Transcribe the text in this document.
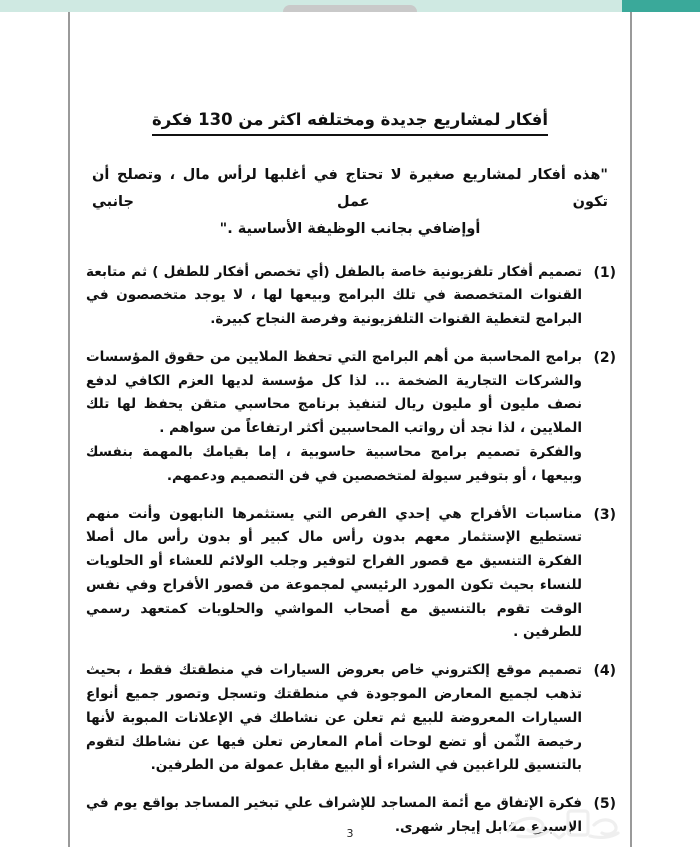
أفكار لمشاريع جديدة ومختلفه اكثر من 130 فكرة
"هذه أفكار لمشاريع صغيرة لا تحتاج في أغلبها لرأس مال ، وتصلح أن تكون عمل جانبي
أوإضافي بجانب الوظيفة الأساسية ."
(1)
تصميم أفكار تلفزيونية خاصة بالطفل (أي تخصص أفكار للطفل ) ثم متابعة القنوات المتخصصة في تلك البرامج وبيعها لها ، لا يوجد متخصصون في البرامج لتغطية القنوات التلفزيونية وفرصة النجاح كبيرة.
(2)
برامج المحاسبة من أهم البرامج التي تحفظ الملايين من حقوق المؤسسات والشركات التجارية الضخمة ... لذا كل مؤسسة لديها العزم الكافي لدفع نصف مليون أو مليون ريال لتنفيذ برنامج محاسبي متقن يحفظ لها تلك الملايين ، لذا نجد أن رواتب المحاسبين أكثر ارتفاعاً من سواهم .
والفكرة تصميم برامج محاسبية حاسوبية ، إما بقيامك بالمهمة بنفسك وبيعها ، أو بتوفير سيولة لمتخصصين في فن التصميم ودعمهم.
(3)
مناسبات الأفراح هي إحدي الفرص التي يستثمرها النابهون وأنت منهم تستطيع الإستثمار معهم بدون رأس مال كبير أو بدون رأس مال أصلا الفكرة التنسيق مع قصور الفراح لتوفير وجلب الولائم للعشاء أو الحلويات للنساء بحيث تكون المورد الرئيسي لمجموعة من قصور الأفراح وفي نفس الوقت تقوم بالتنسيق مع أصحاب المواشي والحلويات كمتعهد رسمي للطرفين .
(4)
تصميم موقع إلكتروني خاص بعروض السيارات في منطقتك فقط ، بحيث تذهب لجميع المعارض الموجودة في منطقتك وتسجل وتصور جميع أنواع السيارات المعروضة للبيع ثم تعلن عن نشاطك في الإعلانات المبوبة لأنها رخيصة الثّمن أو تضع لوحات أمام المعارض تعلن فيها عن نشاطك لتقوم بالتنسيق للراغبين في الشراء أو البيع مقابل عمولة من الطرفين.
(5)
فكرة الإتفاق مع أئمة المساجد للإشراف علي تبخير المساجد بواقع يوم في الإسبوع مقابل إيجار شهرى.
3
